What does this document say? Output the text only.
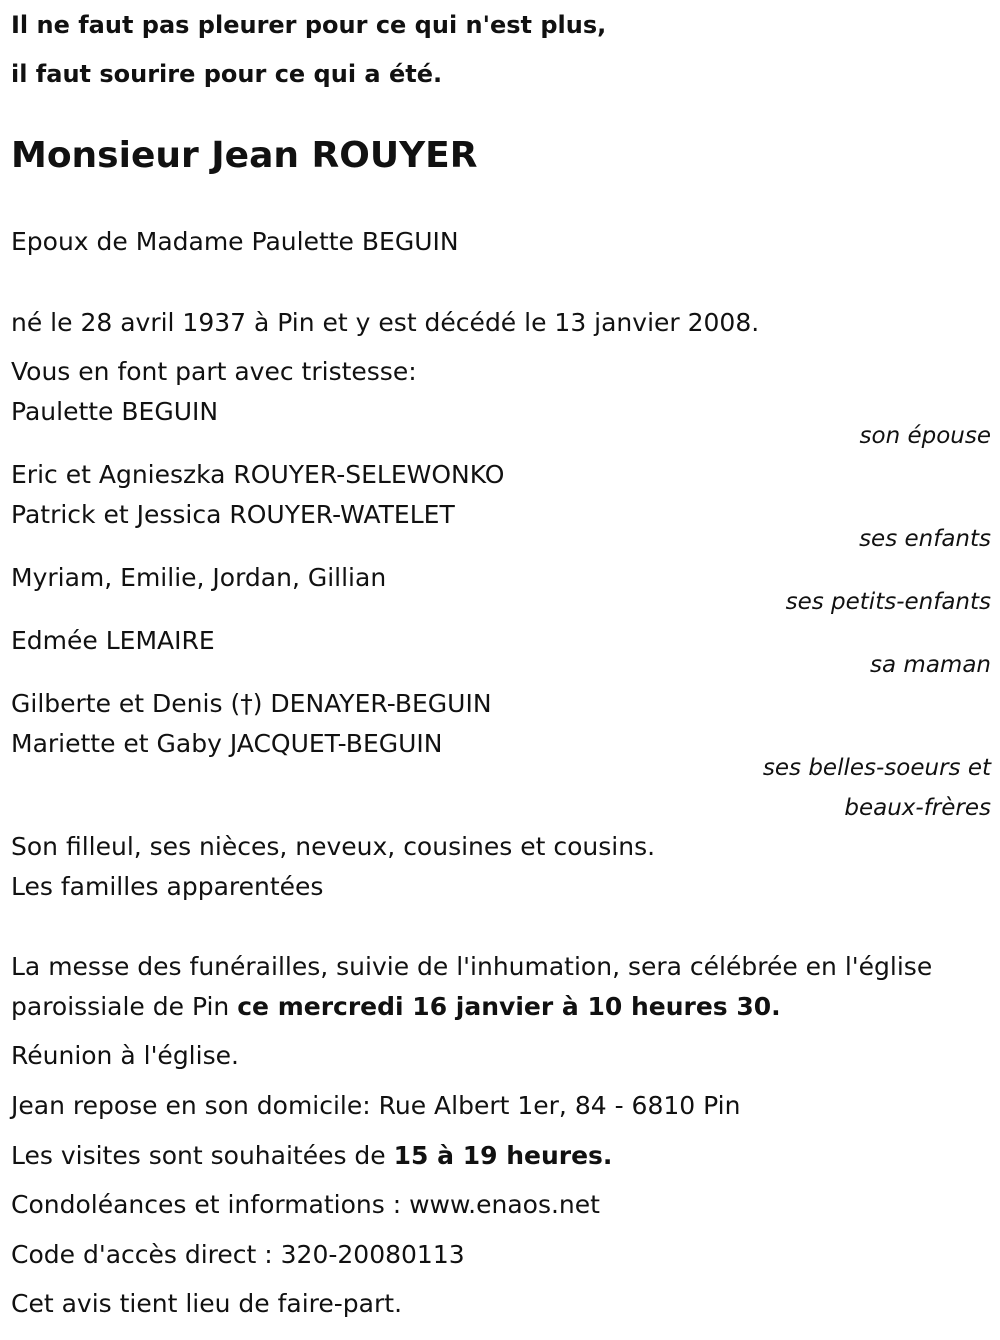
Il ne faut pas pleurer pour ce qui n'est plus,
il faut sourire pour ce qui a été.
Monsieur Jean ROUYER
Epoux de Madame Paulette BEGUIN
né le 28 avril 1937 à Pin et y est décédé le 13 janvier 2008.
Vous en font part avec tristesse:
Paulette BEGUIN
son épouse
Eric et Agnieszka ROUYER-SELEWONKO
Patrick et Jessica ROUYER-WATELET
ses enfants
Myriam, Emilie, Jordan, Gillian
ses petits-enfants
Edmée LEMAIRE
sa maman
Gilberte et Denis (†) DENAYER-BEGUIN
Mariette et Gaby JACQUET-BEGUIN
ses belles-soeurs et
beaux-frères
Son filleul, ses nièces, neveux, cousines et cousins.
Les familles apparentées
La messe des funérailles, suivie de l'inhumation, sera célébrée en l'église
paroissiale de Pin ce mercredi 16 janvier à 10 heures 30.
Réunion à l'église.
Jean repose en son domicile: Rue Albert 1er, 84 - 6810 Pin
Les visites sont souhaitées de 15 à 19 heures.
Condoléances et informations : www.enaos.net
Code d'accès direct : 320-20080113
Cet avis tient lieu de faire-part.
